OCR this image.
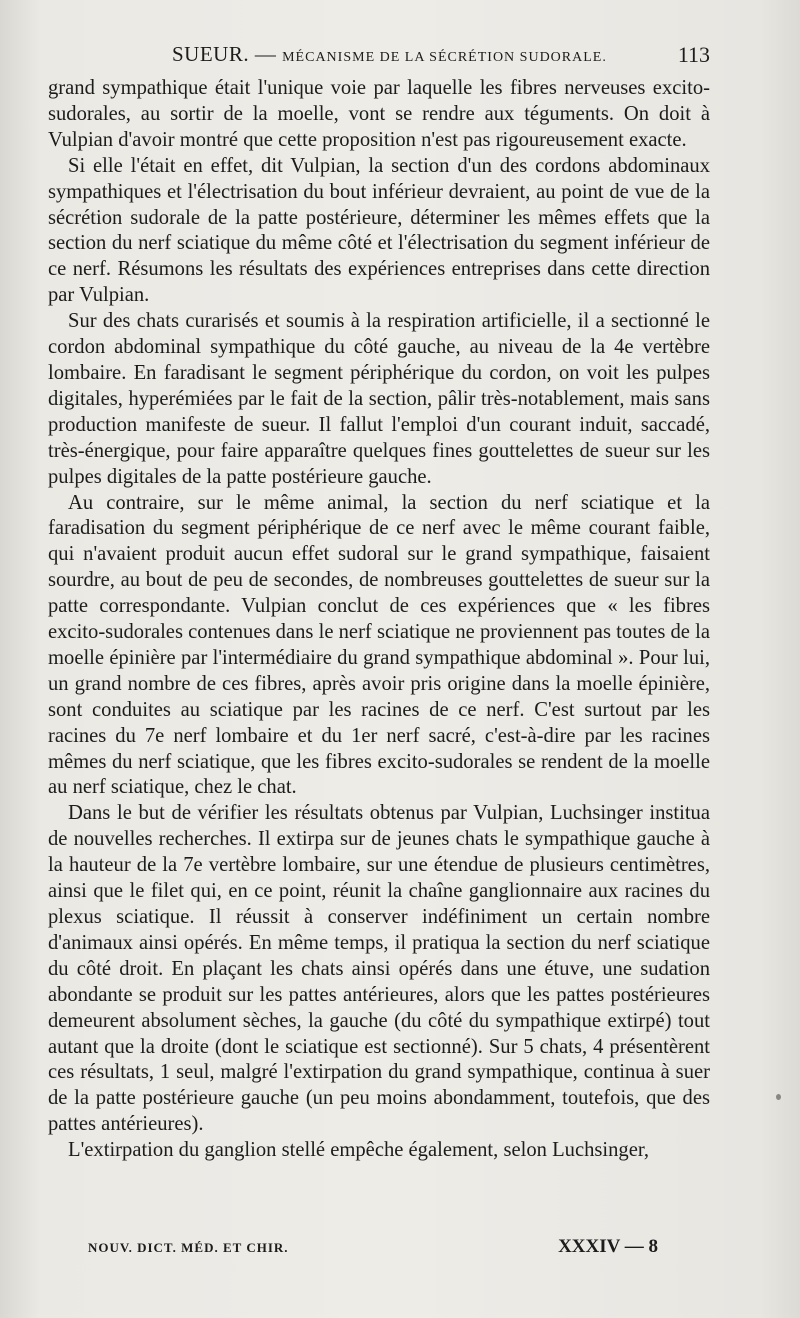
SUEUR. — MÉCANISME DE LA SÉCRÉTION SUDORALE.	113

grand sympathique était l'unique voie par laquelle les fibres nerveuses excito-sudorales, au sortir de la moelle, vont se rendre aux téguments. On doit à Vulpian d'avoir montré que cette proposition n'est pas rigoureusement exacte.

Si elle l'était en effet, dit Vulpian, la section d'un des cordons abdominaux sympathiques et l'électrisation du bout inférieur devraient, au point de vue de la sécrétion sudorale de la patte postérieure, déterminer les mêmes effets que la section du nerf sciatique du même côté et l'électrisation du segment inférieur de ce nerf. Résumons les résultats des expériences entreprises dans cette direction par Vulpian.

Sur des chats curarisés et soumis à la respiration artificielle, il a sectionné le cordon abdominal sympathique du côté gauche, au niveau de la 4e vertèbre lombaire. En faradisant le segment périphérique du cordon, on voit les pulpes digitales, hyperémiées par le fait de la section, pâlir très-notablement, mais sans production manifeste de sueur. Il fallut l'emploi d'un courant induit, saccadé, très-énergique, pour faire apparaître quelques fines gouttelettes de sueur sur les pulpes digitales de la patte postérieure gauche.

Au contraire, sur le même animal, la section du nerf sciatique et la faradisation du segment périphérique de ce nerf avec le même courant faible, qui n'avaient produit aucun effet sudoral sur le grand sympathique, faisaient sourdre, au bout de peu de secondes, de nombreuses gouttelettes de sueur sur la patte correspondante. Vulpian conclut de ces expériences que « les fibres excito-sudorales contenues dans le nerf sciatique ne proviennent pas toutes de la moelle épinière par l'intermédiaire du grand sympathique abdominal ». Pour lui, un grand nombre de ces fibres, après avoir pris origine dans la moelle épinière, sont conduites au sciatique par les racines de ce nerf. C'est surtout par les racines du 7e nerf lombaire et du 1er nerf sacré, c'est-à-dire par les racines mêmes du nerf sciatique, que les fibres excito-sudorales se rendent de la moelle au nerf sciatique, chez le chat.

Dans le but de vérifier les résultats obtenus par Vulpian, Luchsinger institua de nouvelles recherches. Il extirpa sur de jeunes chats le sympathique gauche à la hauteur de la 7e vertèbre lombaire, sur une étendue de plusieurs centimètres, ainsi que le filet qui, en ce point, réunit la chaîne ganglionnaire aux racines du plexus sciatique. Il réussit à conserver indéfiniment un certain nombre d'animaux ainsi opérés. En même temps, il pratiqua la section du nerf sciatique du côté droit. En plaçant les chats ainsi opérés dans une étuve, une sudation abondante se produit sur les pattes antérieures, alors que les pattes postérieures demeurent absolument sèches, la gauche (du côté du sympathique extirpé) tout autant que la droite (dont le sciatique est sectionné). Sur 5 chats, 4 présentèrent ces résultats, 1 seul, malgré l'extirpation du grand sympathique, continua à suer de la patte postérieure gauche (un peu moins abondamment, toutefois, que des pattes antérieures).

L'extirpation du ganglion stellé empêche également, selon Luchsinger,

NOUV. DICT. MÉD. ET CHIR.	XXXIV — 8
